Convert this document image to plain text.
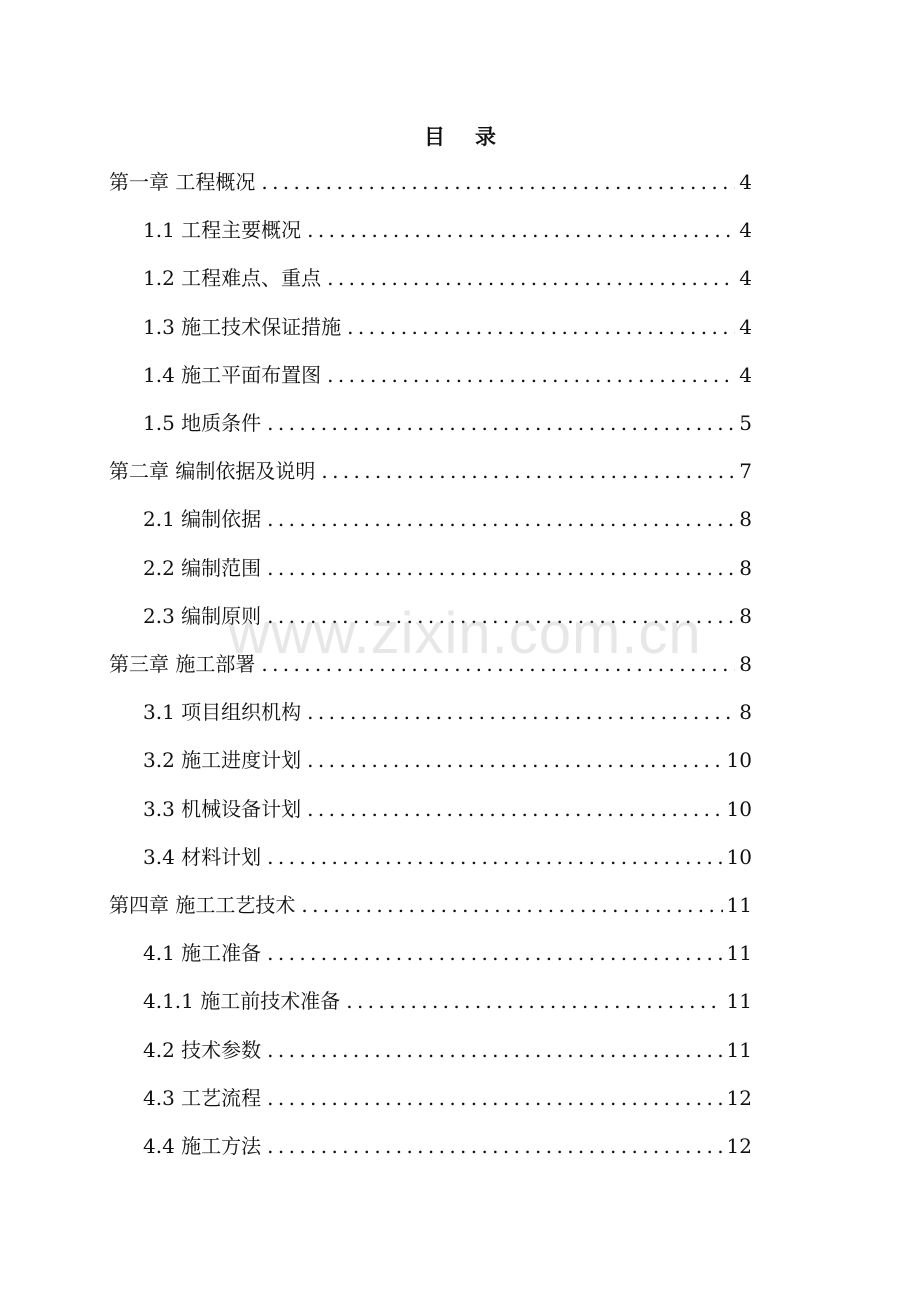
目 录
第一章 工程概况 . . .	4
1.1 工程主要概况 . . .	4
1.2 工程难点、重点 . . .	4
1.3 施工技术保证措施 . . .	4
1.4 施工平面布置图 . . .	4
1.5 地质条件 . . .	5
第二章 编制依据及说明 . . .	7
2.1 编制依据 . . .	8
2.2 编制范围 . . .	8
2.3 编制原则 . . .	8
第三章 施工部署 . . .	8
3.1 项目组织机构 . . .	8
3.2 施工进度计划 . . .	10
3.3 机械设备计划 . . .	10
3.4 材料计划 . . .	10
第四章 施工工艺技术 . . .	11
4.1 施工准备 . . .	11
4.1.1 施工前技术准备 . . .	11
4.2 技术参数 . . .	11
4.3 工艺流程 . . .	12
4.4 施工方法 . . .	12
www.zixin.com.cn
